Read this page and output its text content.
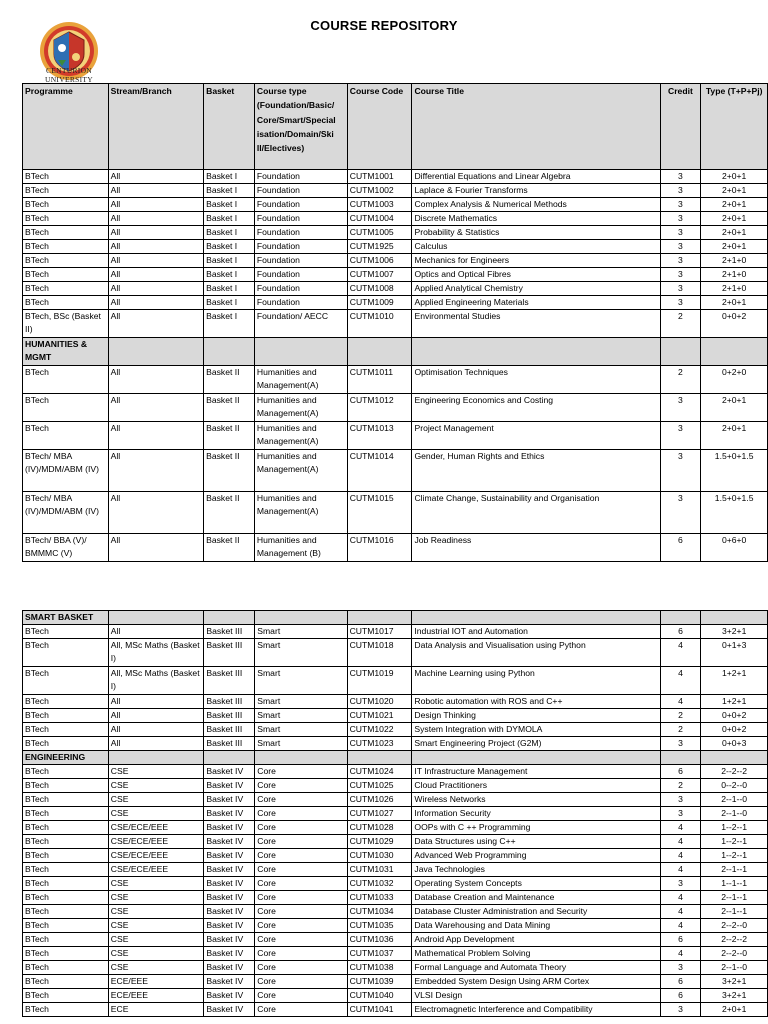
COURSE REPOSITORY
CENTURION
UNIVERSITY
Programme	Stream/Branch	Basket	Course type (Foundation/Basic/ Core/Smart/Special isation/Domain/Ski ll/Electives)	Course Code	Course Title	Credit	Type (T+P+Pj)
BTech	All	Basket I	Foundation	CUTM1001	Differential Equations and Linear Algebra	3	2+0+1
BTech	All	Basket I	Foundation	CUTM1002	Laplace & Fourier Transforms	3	2+0+1
BTech	All	Basket I	Foundation	CUTM1003	Complex Analysis & Numerical Methods	3	2+0+1
BTech	All	Basket I	Foundation	CUTM1004	Discrete Mathematics	3	2+0+1
BTech	All	Basket I	Foundation	CUTM1005	Probability & Statistics	3	2+0+1
BTech	All	Basket I	Foundation	CUTM1925	Calculus	3	2+0+1
BTech	All	Basket I	Foundation	CUTM1006	Mechanics for Engineers	3	2+1+0
BTech	All	Basket I	Foundation	CUTM1007	Optics and Optical Fibres	3	2+1+0
BTech	All	Basket I	Foundation	CUTM1008	Applied Analytical Chemistry	3	2+1+0
BTech	All	Basket I	Foundation	CUTM1009	Applied Engineering Materials	3	2+0+1
BTech, BSc (Basket II)	All	Basket I	Foundation/ AECC	CUTM1010	Environmental Studies	2	0+0+2
HUMANITIES & MGMT							
BTech	All	Basket II	Humanities and Management(A)	CUTM1011	Optimisation Techniques	2	0+2+0
BTech	All	Basket II	Humanities and Management(A)	CUTM1012	Engineering Economics and Costing	3	2+0+1
BTech	All	Basket II	Humanities and Management(A)	CUTM1013	Project Management	3	2+0+1
BTech/ MBA (IV)/MDM/ABM (IV)	All	Basket II	Humanities and Management(A)	CUTM1014	Gender, Human Rights and Ethics	3	1.5+0+1.5
BTech/ MBA (IV)/MDM/ABM (IV)	All	Basket II	Humanities and Management(A)	CUTM1015	Climate Change, Sustainability and Organisation	3	1.5+0+1.5
BTech/ BBA (V)/ BMMMC (V)	All	Basket II	Humanities and Management (B)	CUTM1016	Job Readiness	6	0+6+0
SMART BASKET							
BTech	All	Basket III	Smart	CUTM1017	Industrial IOT and Automation	6	3+2+1
BTech	All, MSc Maths (Basket I)	Basket III	Smart	CUTM1018	Data Analysis and Visualisation using Python	4	0+1+3
BTech	All, MSc Maths (Basket I)	Basket III	Smart	CUTM1019	Machine Learning using Python	4	1+2+1
BTech	All	Basket III	Smart	CUTM1020	Robotic automation with ROS and C++	4	1+2+1
BTech	All	Basket III	Smart	CUTM1021	Design Thinking	2	0+0+2
BTech	All	Basket III	Smart	CUTM1022	System Integration with DYMOLA	2	0+0+2
BTech	All	Basket III	Smart	CUTM1023	Smart Engineering Project (G2M)	3	0+0+3
ENGINEERING							
BTech	CSE	Basket IV	Core	CUTM1024	IT Infrastructure Management	6	2--2--2
BTech	CSE	Basket IV	Core	CUTM1025	Cloud Practitioners	2	0--2--0
BTech	CSE	Basket IV	Core	CUTM1026	Wireless Networks	3	2--1--0
BTech	CSE	Basket IV	Core	CUTM1027	Information Security	3	2--1--0
BTech	CSE/ECE/EEE	Basket IV	Core	CUTM1028	OOPs with C ++ Programming	4	1--2--1
BTech	CSE/ECE/EEE	Basket IV	Core	CUTM1029	Data Structures using C++	4	1--2--1
BTech	CSE/ECE/EEE	Basket IV	Core	CUTM1030	Advanced Web Programming	4	1--2--1
BTech	CSE/ECE/EEE	Basket IV	Core	CUTM1031	Java Technologies	4	2--1--1
BTech	CSE	Basket IV	Core	CUTM1032	Operating System Concepts	3	1--1--1
BTech	CSE	Basket IV	Core	CUTM1033	Database Creation and Maintenance	4	2--1--1
BTech	CSE	Basket IV	Core	CUTM1034	Database Cluster Administration and Security	4	2--1--1
BTech	CSE	Basket IV	Core	CUTM1035	Data Warehousing and Data Mining	4	2--2--0
BTech	CSE	Basket IV	Core	CUTM1036	Android App Development	6	2--2--2
BTech	CSE	Basket IV	Core	CUTM1037	Mathematical Problem Solving	4	2--2--0
BTech	CSE	Basket IV	Core	CUTM1038	Formal Language and Automata Theory	3	2--1--0
BTech	ECE/EEE	Basket IV	Core	CUTM1039	Embedded System Design Using ARM Cortex	6	3+2+1
BTech	ECE/EEE	Basket IV	Core	CUTM1040	VLSI Design	6	3+2+1
BTech	ECE	Basket IV	Core	CUTM1041	Electromagnetic Interference and Compatibility	3	2+0+1
